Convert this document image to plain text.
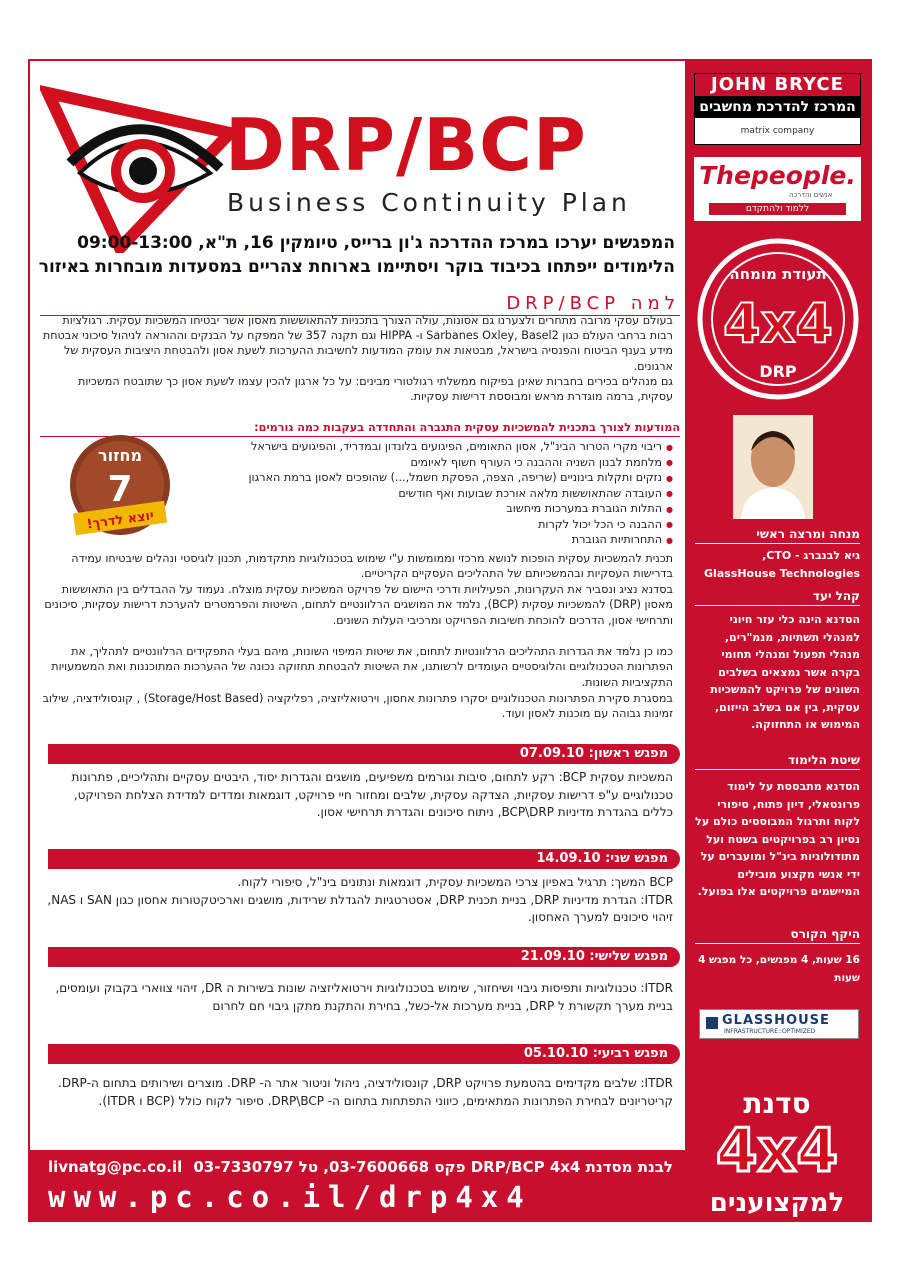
DRP/BCP
Business Continuity Plan
המפגשים יערכו במרכז ההדרכה ג'ון ברייס, טיומקין 16, ת"א, 09:00-13:00
הלימודים ייפתחו בכיבוד בוקר ויסתיימו בארוחת צהריים במסעדות מובחרות באיזור
למה DRP/BCP
בעולם עסקי מרובה מתחרים ולצערנו גם אסונות, עולה הצורך בתכניות להתאוששות מאסון אשר יבטיחו המשכיות עסקית. רגולציות רבות ברחבי העולם כגון Sarbanes Oxley, Basel2 ו- HIPPA וגם תקנה 357 של המפקח על הבנקים וההוראה לניהול סיכוני אבטחת מידע בענף הביטוח והפנסיה בישראל, מבטאות את עומק המודעות לחשיבות ההערכות לשעת אסון ולהבטחת היציבות העסקית של ארגונים.
גם מנהלים בכירים בחברות שאינן בפיקוח ממשלתי רגולטורי מבינים: על כל ארגון להכין עצמו לשעת אסון כך שתובטח המשכיות עסקית, ברמה מוגדרת מראש ומבוססת דרישות עסקיות.
המודעות לצורך בתכנית להמשכיות עסקית התגברה והתחדדה בעקבות כמה גורמים:
● ריבוי מקרי הטרור הבינ"ל, אסון התאומים, הפיגועים בלונדון ובמדריד, והפיגועים בישראל
● מלחמת לבנון השניה וההבנה כי העורף חשוף לאיומים
● נזקים ותקלות בינוניים (שריפה, הצפה, הפסקת חשמל,...) שהופכים לאסון ברמת הארגון
● העובדה שהתאוששות מלאה אורכת שבועות ואף חודשים
● התלות הגוברת במערכות מיחשוב
● ההבנה כי הכל יכול לקרות
● התחרותיות הגוברת
מחזור
7
יוצא לדרך!
תכנית להמשכיות עסקית הופכות לנושא מרכזי וממומשות ע"י שימוש בטכנולוגיות מתקדמות, תכנון לוגיסטי ונהלים שיבטיחו עמידה בדרישות העסקיות ובהמשכיותם של התהליכים העסקיים הקריטיים.
בסדנא נציג ונסביר את העקרונות, הפעילויות ודרכי היישום של פרויקט המשכיות עסקית מוצלח. נעמוד על ההבדלים בין התאוששות מאסון (DRP) להמשכיות עסקית (BCP), נלמד את המושגים הרלוונטיים לתחום, השיטות והפרמטרים להערכת דרישות עסקיות, סיכונים ותרחישי אסון, הדרכים להוכחת חשיבות הפרויקט ומרכיבי העלות השונים.
כמו כן נלמד את הגדרות התהליכים הרלוונטיות לתחום, את שיטות המיפוי השונות, מיהם בעלי התפקידים הרלוונטיים לתהליך, את הפתרונות הטכנולוגיים והלוגיסטיים העומדים לרשותנו, את השיטות להבטחת תחזוקה נכונה של ההערכות המתוכננות ואת המשמעויות התקציביות השונות.
במסגרת סקירת הפתרונות הטכנולוגיים יסקרו פתרונות אחסון, וירטואליזציה, רפליקציה (Storage/Host Based) , קונסולידציה, שילוב זמינות גבוהה עם מוכנות לאסון ועוד.
מפגש ראשון: 07.09.10
המשכיות עסקית BCP: רקע לתחום, סיבות וגורמים משפיעים, מושגים והגדרות יסוד, היבטים עסקיים ותהליכיים, פתרונות טכנולוגיים ע"פ דרישות עסקיות, הצדקה עסקית, שלבים ומחזור חיי פרויקט, דוגמאות ומדדים למדידת הצלחת הפרויקט, כללים בהגדרת מדיניות BCP\DRP, ניתוח סיכונים והגדרת תרחישי אסון.
מפגש שני: 14.09.10
BCP המשך: תרגיל באפיון צרכי המשכיות עסקית, דוגמאות ונתונים בינ"ל, סיפורי לקוח.
ITDR: הגדרת מדיניות DRP, בניית תכנית DRP, אסטרטגיות להגדלת שרידות, מושגים וארכיטקטורות אחסון כגון SAN ו NAS, זיהוי סיכונים למערך האחסון.
מפגש שלישי: 21.09.10
ITDR: טכנולוגיות ותפיסות גיבוי ושיחזור, שימוש בטכנולוגיות וירטואליזציה שונות בשירות ה DR, זיהוי צווארי בקבוק ועומסים, בניית מערך תקשורת ל DRP, בניית מערכות אל-כשל, בחירת והתקנת מתקן גיבוי חם לחרום
מפגש רביעי: 05.10.10
ITDR: שלבים מקדימים בהטמעת פרויקט DRP, קונסולידציה, ניהול וניטור אתר ה- DRP. מוצרים ושירותים בתחום ה-DRP. קריטריונים לבחירת הפתרונות המתאימים, כיווני התפתחות בתחום ה- DRP\BCP. סיפור לקוח כולל (BCP ו ITDR).
livnatg@pc.co.il לבנת מסדנת DRP/BCP 4x4 פקס 03-7600668, טל 03-7330797
www.pc.co.il/drp4x4
JOHN BRYCE
המרכז להדרכת מחשבים
matrix company
Thepeople.
אנשים והדרכה
ללמוד ולהתקדם
תעודת מומחה
4x4
DRP
מנחה ומרצה ראשי
גיא לבנברג - CTO,
GlassHouse Technologies
קהל יעד
הסדנא הינה כלי עזר חיוני למנהלי תשתיות, מנמ"רים, מנהלי תפעול ומנהלי תחומי בקרה אשר נמצאים בשלבים השונים של פרויקט להמשכיות עסקית, בין אם בשלב הייזום, המימוש או התחזוקה.
שיטת הלימוד
הסדנא מתבססת על לימוד פרונטאלי, דיון פתוח, סיפורי לקוח ותרגול המבוססים כולם על נסיון רב בפרויקטים בשטח ועל מתודולוגיות בינ"ל ומועברים על ידי אנשי מקצוע מובילים המיישמים פרויקטים אלו בפועל.
היקף הקורס
16 שעות, 4 מפגשים, כל מפגש 4 שעות
GLASSHOUSE
INFRASTRUCTURE::OPTIMIZED
סדנת
4x4
למקצוענים
